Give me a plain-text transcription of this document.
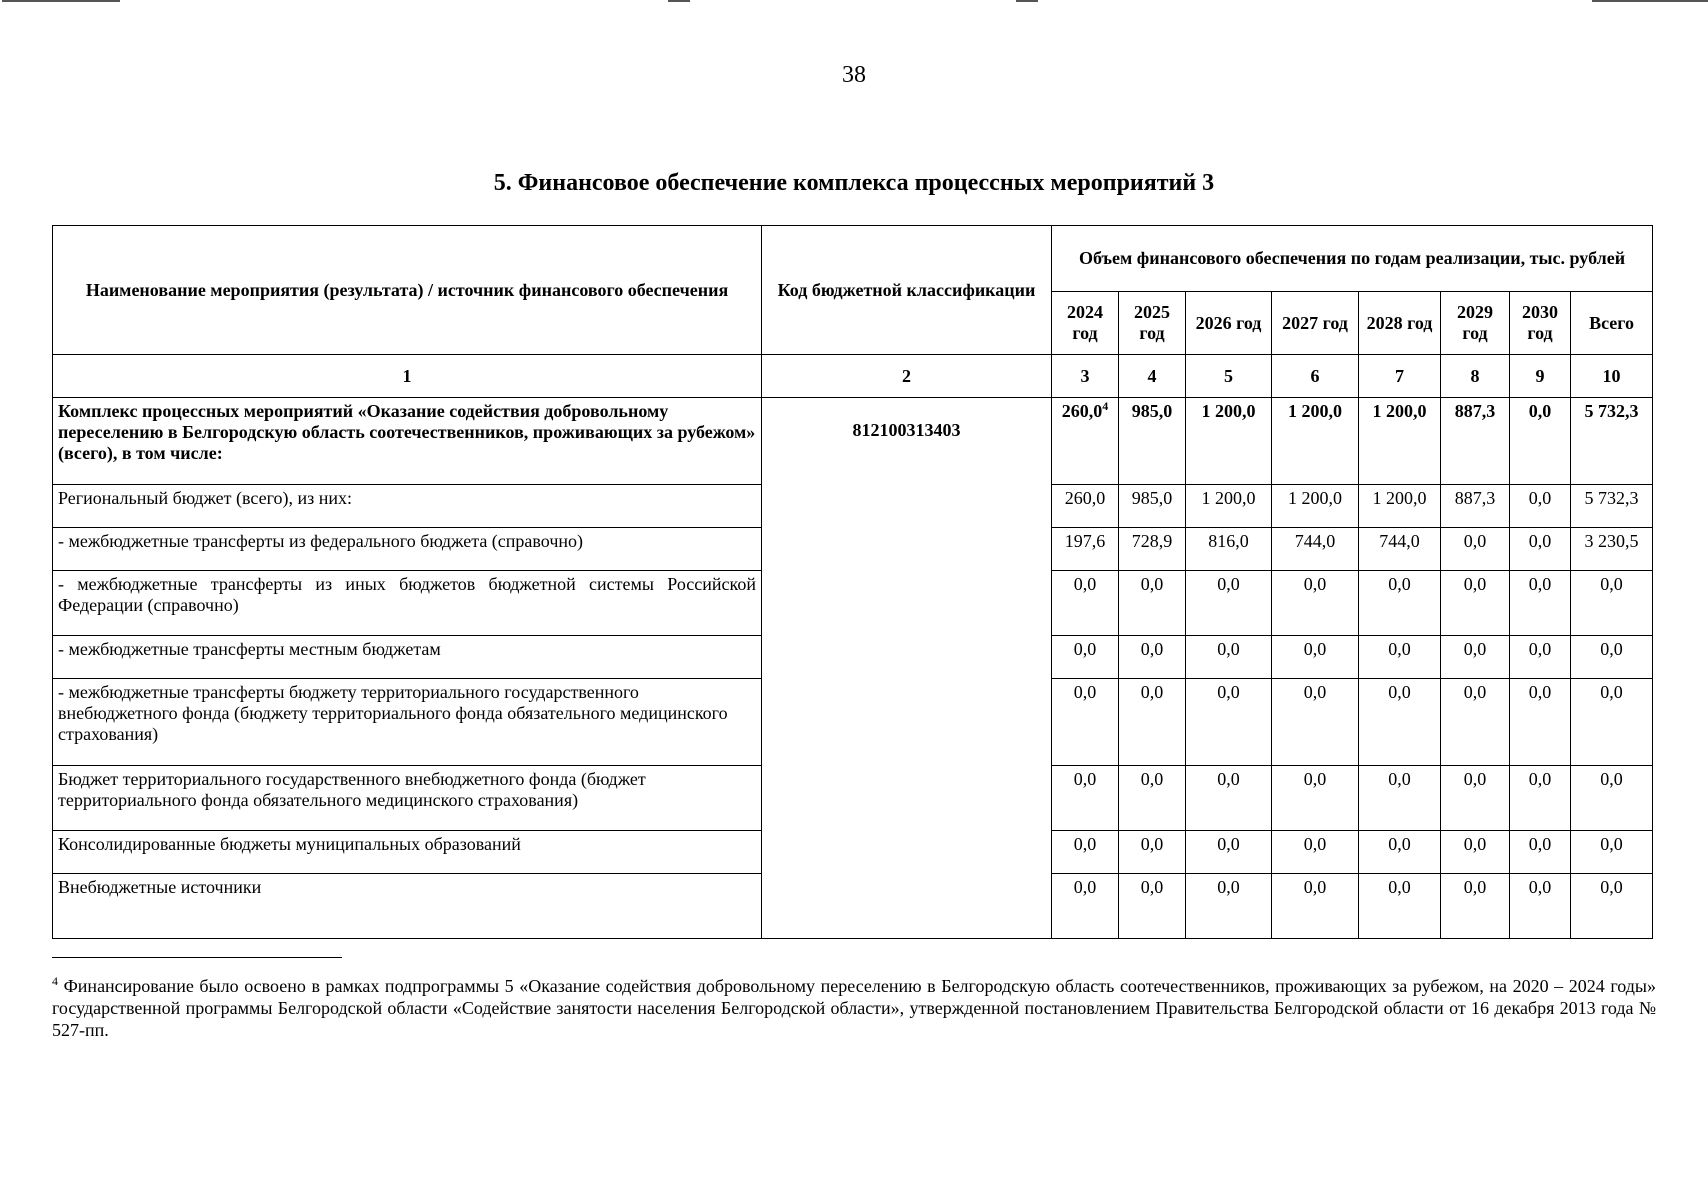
38
5. Финансовое обеспечение комплекса процессных мероприятий 3
Наименование мероприятия (результата) / источник финансового обеспечения	Код бюджетной классификации	Объем финансового обеспечения по годам реализации, тыс. рублей							
		2024 год	2025 год	2026 год	2027 год	2028 год	2029 год	2030 год	Всего
1	2	3	4	5	6	7	8	9	10
Комплекс процессных мероприятий «Оказание содействия добровольному переселению в Белгородскую область соотечественников, проживающих за рубежом» (всего), в том числе:	812100313403	260,0$^4$	985,0	1 200,0	1 200,0	1 200,0	887,3	0,0	5 732,3
Региональный бюджет (всего), из них:		260,0	985,0	1 200,0	1 200,0	1 200,0	887,3	0,0	5 732,3
- межбюджетные трансферты из федерального бюджета (справочно)		197,6	728,9	816,0	744,0	744,0	0,0	0,0	3 230,5
- межбюджетные трансферты из иных бюджетов бюджетной системы Российской Федерации (справочно)		0,0	0,0	0,0	0,0	0,0	0,0	0,0	0,0
- межбюджетные трансферты местным бюджетам		0,0	0,0	0,0	0,0	0,0	0,0	0,0	0,0
- межбюджетные трансферты бюджету территориального государственного внебюджетного фонда (бюджету территориального фонда обязательного медицинского страхования)		0,0	0,0	0,0	0,0	0,0	0,0	0,0	0,0
Бюджет территориального государственного внебюджетного фонда (бюджет территориального фонда обязательного медицинского страхования)		0,0	0,0	0,0	0,0	0,0	0,0	0,0	0,0
Консолидированные бюджеты муниципальных образований		0,0	0,0	0,0	0,0	0,0	0,0	0,0	0,0
Внебюджетные источники		0,0	0,0	0,0	0,0	0,0	0,0	0,0	0,0
$^4$ Финансирование было освоено в рамках подпрограммы 5 «Оказание содействия добровольному переселению в Белгородскую область соотечественников, проживающих за рубежом, на 2020 – 2024 годы» государственной программы Белгородской области «Содействие занятости населения Белгородской области», утвержденной постановлением Правительства Белгородской области от 16 декабря 2013 года № 527-пп.
